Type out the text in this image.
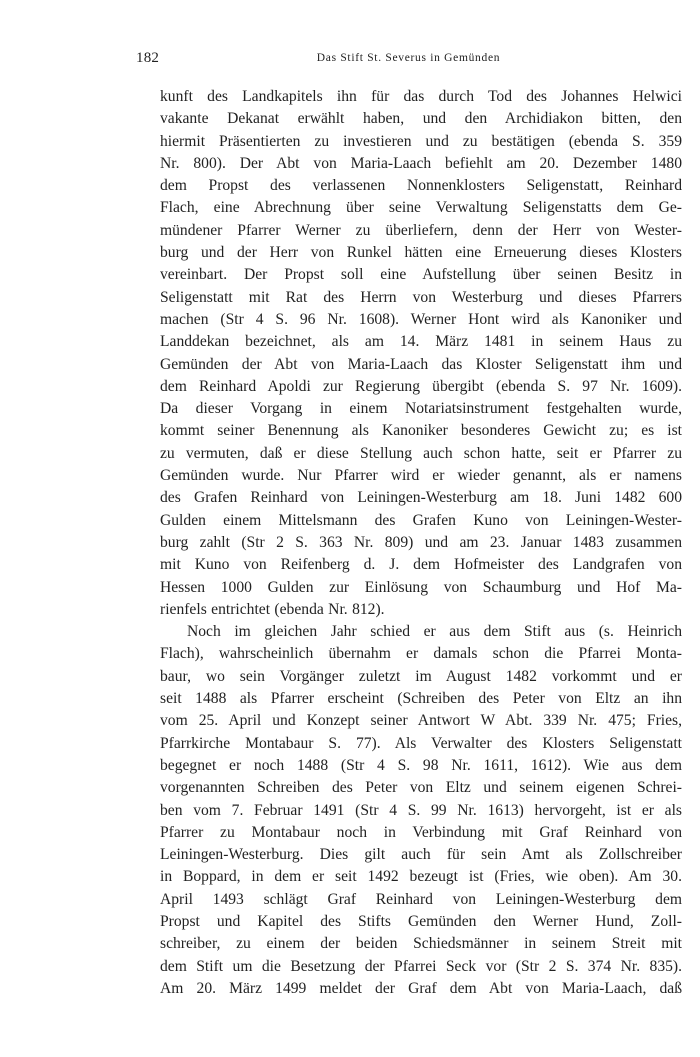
182	Das Stift St. Severus in Gemünden
kunft des Landkapitels ihn für das durch Tod des Johannes Helwici
vakante Dekanat erwählt haben, und den Archidiakon bitten, den
hiermit Präsentierten zu investieren und zu bestätigen (ebenda S. 359
Nr. 800). Der Abt von Maria-Laach befiehlt am 20. Dezember 1480
dem Propst des verlassenen Nonnenklosters Seligenstatt, Reinhard
Flach, eine Abrechnung über seine Verwaltung Seligenstatts dem Ge-
mündener Pfarrer Werner zu überliefern, denn der Herr von Wester-
burg und der Herr von Runkel hätten eine Erneuerung dieses Klosters
vereinbart. Der Propst soll eine Aufstellung über seinen Besitz in
Seligenstatt mit Rat des Herrn von Westerburg und dieses Pfarrers
machen (Str 4 S. 96 Nr. 1608). Werner Hont wird als Kanoniker und
Landdekan bezeichnet, als am 14. März 1481 in seinem Haus zu
Gemünden der Abt von Maria-Laach das Kloster Seligenstatt ihm und
dem Reinhard Apoldi zur Regierung übergibt (ebenda S. 97 Nr. 1609).
Da dieser Vorgang in einem Notariatsinstrument festgehalten wurde,
kommt seiner Benennung als Kanoniker besonderes Gewicht zu; es ist
zu vermuten, daß er diese Stellung auch schon hatte, seit er Pfarrer zu
Gemünden wurde. Nur Pfarrer wird er wieder genannt, als er namens
des Grafen Reinhard von Leiningen-Westerburg am 18. Juni 1482 600
Gulden einem Mittelsmann des Grafen Kuno von Leiningen-Wester-
burg zahlt (Str 2 S. 363 Nr. 809) und am 23. Januar 1483 zusammen
mit Kuno von Reifenberg d. J. dem Hofmeister des Landgrafen von
Hessen 1000 Gulden zur Einlösung von Schaumburg und Hof Ma-
rienfels entrichtet (ebenda Nr. 812).
Noch im gleichen Jahr schied er aus dem Stift aus (s. Heinrich
Flach), wahrscheinlich übernahm er damals schon die Pfarrei Monta-
baur, wo sein Vorgänger zuletzt im August 1482 vorkommt und er
seit 1488 als Pfarrer erscheint (Schreiben des Peter von Eltz an ihn
vom 25. April und Konzept seiner Antwort W Abt. 339 Nr. 475; Fries,
Pfarrkirche Montabaur S. 77). Als Verwalter des Klosters Seligenstatt
begegnet er noch 1488 (Str 4 S. 98 Nr. 1611, 1612). Wie aus dem
vorgenannten Schreiben des Peter von Eltz und seinem eigenen Schrei-
ben vom 7. Februar 1491 (Str 4 S. 99 Nr. 1613) hervorgeht, ist er als
Pfarrer zu Montabaur noch in Verbindung mit Graf Reinhard von
Leiningen-Westerburg. Dies gilt auch für sein Amt als Zollschreiber
in Boppard, in dem er seit 1492 bezeugt ist (Fries, wie oben). Am 30.
April 1493 schlägt Graf Reinhard von Leiningen-Westerburg dem
Propst und Kapitel des Stifts Gemünden den Werner Hund, Zoll-
schreiber, zu einem der beiden Schiedsmänner in seinem Streit mit
dem Stift um die Besetzung der Pfarrei Seck vor (Str 2 S. 374 Nr. 835).
Am 20. März 1499 meldet der Graf dem Abt von Maria-Laach, daß
